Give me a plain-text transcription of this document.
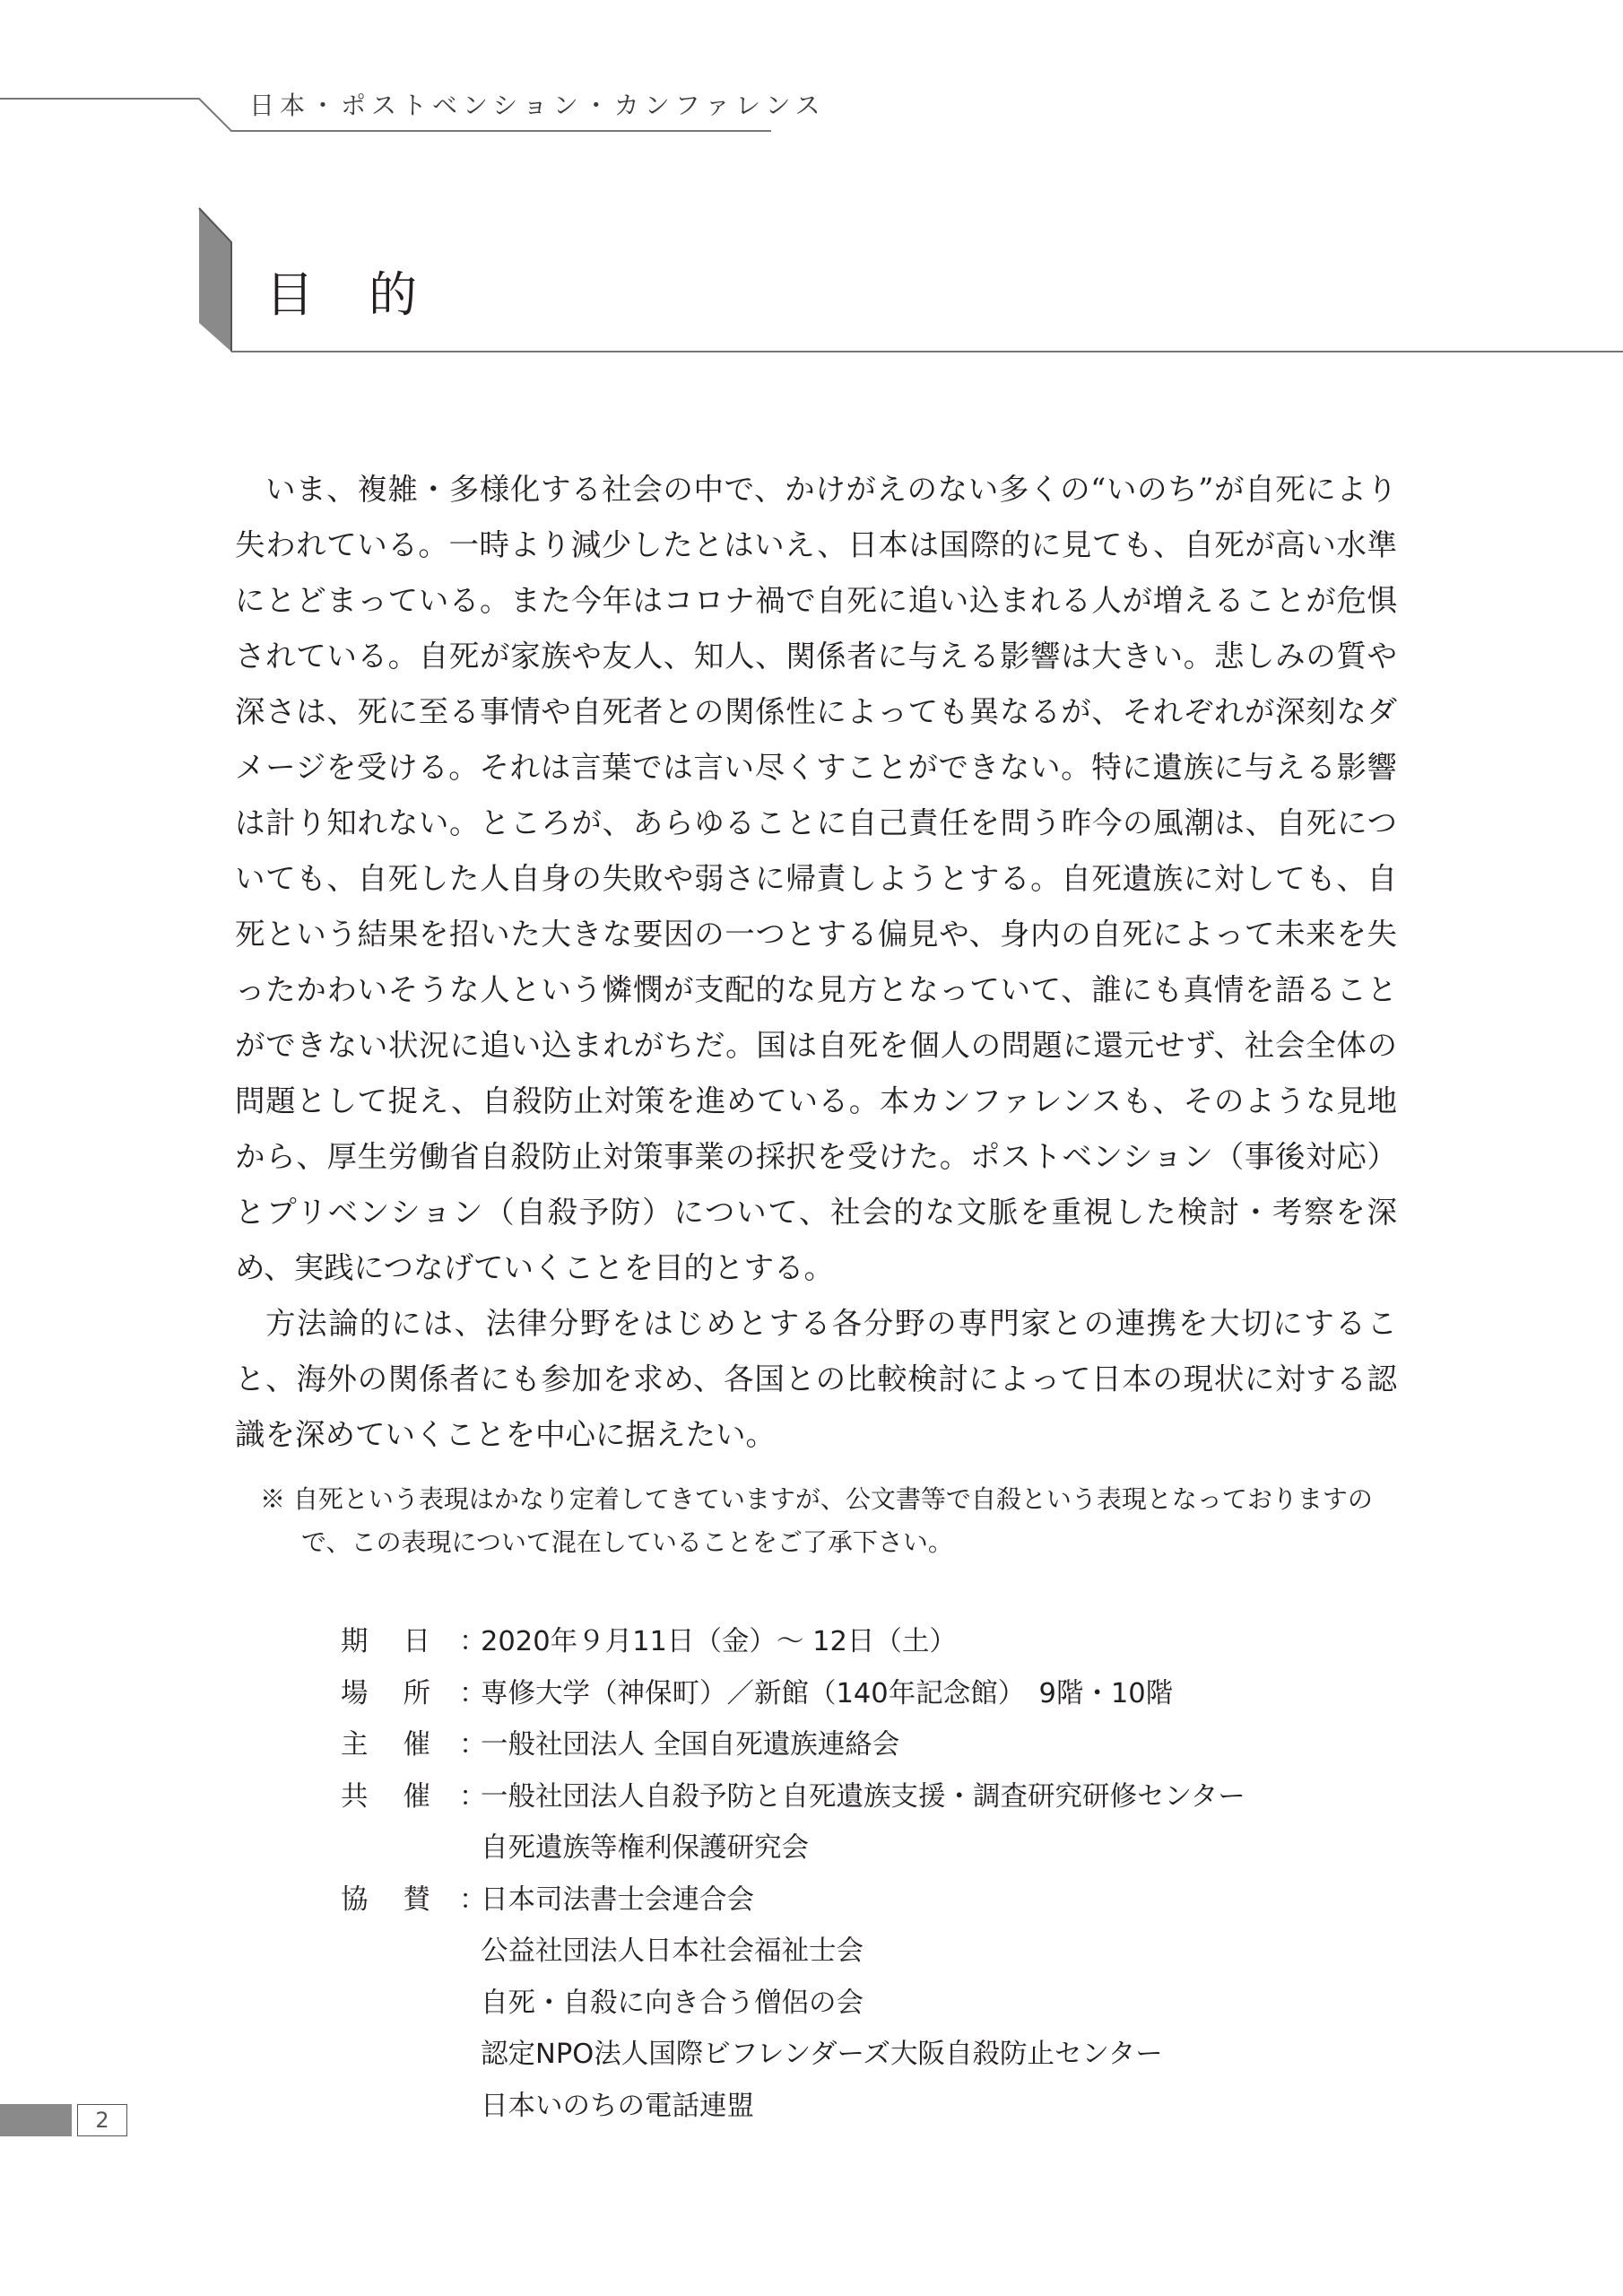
日本・ポストベンション・カンファレンス
目 的

いま、複雑・多様化する社会の中で、かけがえのない多くの“いのち”が自死により失われている。一時より減少したとはいえ、日本は国際的に見ても、自死が高い水準にとどまっている。また今年はコロナ禍で自死に追い込まれる人が増えることが危惧されている。自死が家族や友人、知人、関係者に与える影響は大きい。悲しみの質や深さは、死に至る事情や自死者との関係性によっても異なるが、それぞれが深刻なダメージを受ける。それは言葉では言い尽くすことができない。特に遺族に与える影響は計り知れない。ところが、あらゆることに自己責任を問う昨今の風潮は、自死についても、自死した人自身の失敗や弱さに帰責しようとする。自死遺族に対しても、自死という結果を招いた大きな要因の一つとする偏見や、身内の自死によって未来を失ったかわいそうな人という憐憫が支配的な見方となっていて、誰にも真情を語ることができない状況に追い込まれがちだ。国は自死を個人の問題に還元せず、社会全体の問題として捉え、自殺防止対策を進めている。本カンファレンスも、そのような見地から、厚生労働省自殺防止対策事業の採択を受けた。ポストベンション（事後対応）とプリベンション（自殺予防）について、社会的な文脈を重視した検討・考察を深め、実践につなげていくことを目的とする。

方法論的には、法律分野をはじめとする各分野の専門家との連携を大切にすること、海外の関係者にも参加を求め、各国との比較検討によって日本の現状に対する認識を深めていくことを中心に据えたい。

※ 自死という表現はかなり定着してきていますが、公文書等で自殺という表現となっておりますので、この表現について混在していることをご了承下さい。

期 日 ：
2020年９月11日（金）～ 12日（土）
場 所 ：
専修大学（神保町）／新館（140年記念館）　9階・10階
主 催 ：
一般社団法人 全国自死遺族連絡会
共 催 ：
一般社団法人自殺予防と自死遺族支援・調査研究研修センター
自死遺族等権利保護研究会
協 賛 ：
日本司法書士会連合会
公益社団法人日本社会福祉士会
自死・自殺に向き合う僧侶の会
認定NPO法人国際ビフレンダーズ大阪自殺防止センター
日本いのちの電話連盟
2
